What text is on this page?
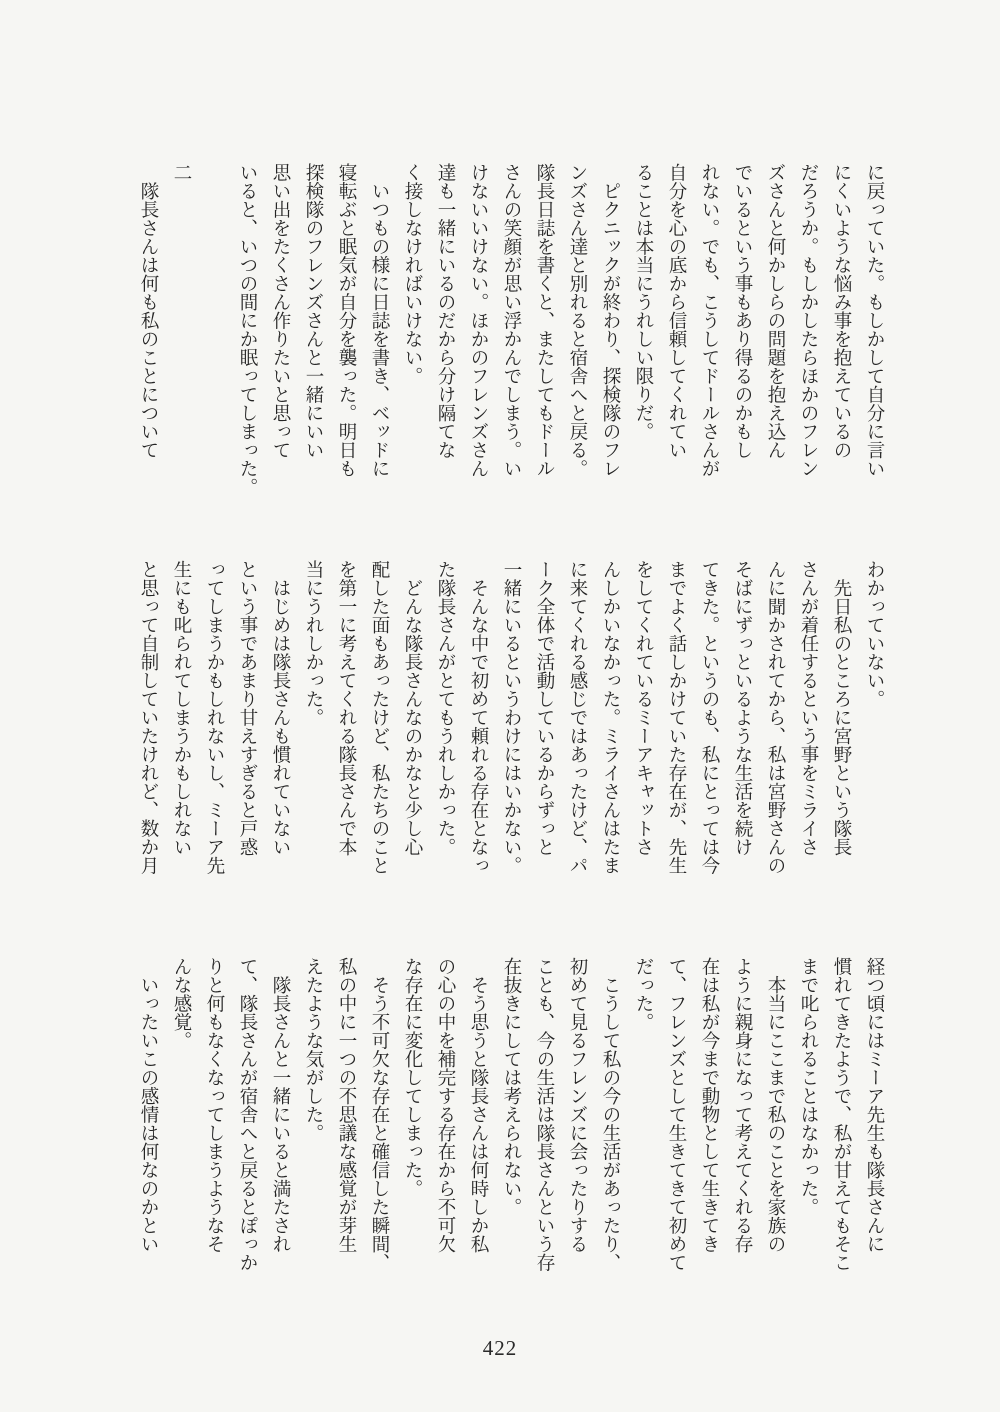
に戻っていた。もしかして自分に言い
にくいような悩み事を抱えているの
だろうか。もしかしたらほかのフレン
ズさんと何かしらの問題を抱え込ん
でいるという事もあり得るのかもし
れない。でも、こうしてドールさんが
自分を心の底から信頼してくれてい
ることは本当にうれしい限りだ。
　ピクニックが終わり、探検隊のフレ
ンズさん達と別れると宿舎へと戻る。
隊長日誌を書くと、またしてもドール
さんの笑顔が思い浮かんでしまう。い
けないいけない。ほかのフレンズさん
達も一緒にいるのだから分け隔てな
く接しなければいけない。
　いつもの様に日誌を書き、ベッドに
寝転ぶと眠気が自分を襲った。明日も
探検隊のフレンズさんと一緒にいい
思い出をたくさん作りたいと思って
いると、いつの間にか眠ってしまった。
二
　隊長さんは何も私のことについて
わかっていない。
　先日私のところに宮野という隊長
さんが着任するという事をミライさ
んに聞かされてから、私は宮野さんの
そばにずっといるような生活を続け
てきた。というのも、私にとっては今
までよく話しかけていた存在が、先生
をしてくれているミーアキャットさ
んしかいなかった。ミライさんはたま
に来てくれる感じではあったけど、パ
ーク全体で活動しているからずっと
一緒にいるというわけにはいかない。
　そんな中で初めて頼れる存在となっ
た隊長さんがとてもうれしかった。
　どんな隊長さんなのかなと少し心
配した面もあったけど、私たちのこと
を第一に考えてくれる隊長さんで本
当にうれしかった。
　はじめは隊長さんも慣れていない
という事であまり甘えすぎると戸惑
ってしまうかもしれないし、ミーア先
生にも叱られてしまうかもしれない
と思って自制していたけれど、数か月
経つ頃にはミーア先生も隊長さんに
慣れてきたようで、私が甘えてもそこ
まで叱られることはなかった。
　本当にここまで私のことを家族の
ように親身になって考えてくれる存
在は私が今まで動物として生きてき
て、フレンズとして生きてきて初めて
だった。
　こうして私の今の生活があったり、
初めて見るフレンズに会ったりする
ことも、今の生活は隊長さんという存
在抜きにしては考えられない。
　そう思うと隊長さんは何時しか私
の心の中を補完する存在から不可欠
な存在に変化してしまった。
　そう不可欠な存在と確信した瞬間、
私の中に一つの不思議な感覚が芽生
えたような気がした。
　隊長さんと一緒にいると満たされ
て、隊長さんが宿舎へと戻るとぽっか
りと何もなくなってしまうようなそ
んな感覚。
　いったいこの感情は何なのかとい
422
